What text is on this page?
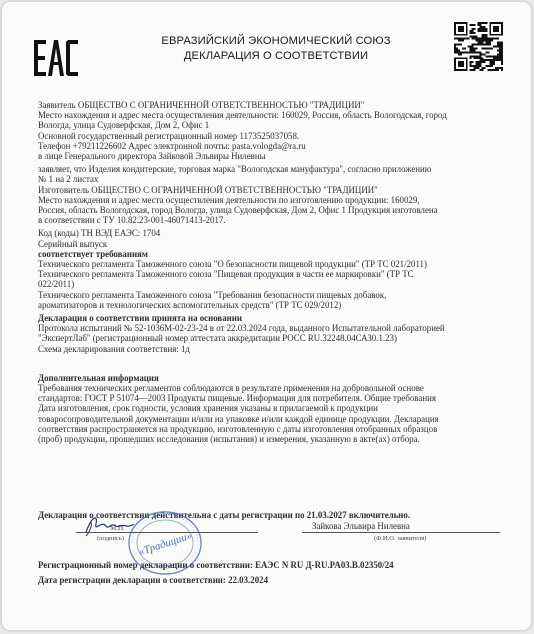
ЕВРАЗИЙСКИЙ ЭКОНОМИЧЕСКИЙ СОЮЗ
ДЕКЛАРАЦИЯ О СООТВЕТСТВИИ
Заявитель ОБЩЕСТВО С ОГРАНИЧЕННОЙ ОТВЕТСТВЕННОСТЬЮ "ТРАДИЦИИ"
Место нахождения и адрес места осуществления деятельности: 160029, Россия, область Вологодская, город
Вологда, улица Судоверфская, Дом 2, Офис 1
Основной государственный регистрационный номер 1173525037058.
Телефон +79211226602 Адрес электронной почты: pasta.vologda@ra.ru
в лице Генерального директора Зайковой Эльвиры Нилевны
заявляет, что Изделия кондитерские, торговая марка "Вологодская мануфактура", согласно приложению
№ 1 на 2 листах
Изготовитель ОБЩЕСТВО С ОГРАНИЧЕННОЙ ОТВЕТСТВЕННОСТЬЮ "ТРАДИЦИИ"
Место нахождения и адрес места осуществления деятельности по изготовлению продукции: 160029,
Россия, область Вологодская, город Вологда, улица Судоверфская, Дом 2, Офис 1 Продукция изготовлена
в соответствии с ТУ 10.82.23-001-46071413-2017.
Код (коды) ТН ВЭД ЕАЭС: 1704
Серийный выпуск
соответствует требованиям
Технического регламента Таможенного союза "О безопасности пищевой продукции" (ТР ТС 021/2011)
Технического регламента Таможенного союза "Пищевая продукция в части ее маркировки" (ТР ТС
022/2011)
Технического регламента Таможенного союза "Требования безопасности пищевых добавок,
ароматизаторов и технологических вспомогательных средств" (ТР ТС 029/2012)
Декларация о соответствии принята на основании
Протокола испытаний № 52-1036М-02-23-24 в от 22.03.2024 года, выданного Испытательной лабораторией
"ЭкспертЛаб" (регистрационный номер аттестата аккредитации РОСС RU.32248.04САЗ0.1.23)
Схема декларирования соответствия: 1д
Дополнительная информация
Требования технических регламентов соблюдаются в результате применения на добровольной основе
стандартов: ГОСТ Р 51074—2003 Продукты пищевые. Информация для потребителя. Общие требования
Дата изготовления, срок годности, условия хранения указаны в прилагаемой к продукции
товаросопроводительной документации и/или на упаковке и/или каждой единице продукции. Декларация
соответствия распространяется на продукцию, изготовленную с даты изготовления отобранных образцов
(проб) продукции, прошедших исследования (испытания) и измерения, указанную в акте(ах) отбора.
Декларация о соответствии действительна с даты регистрации по 21.03.2027 включительно.
«Традиции»
(подпись)
М.П.	Зайкова Эльвира Нилевна
(Ф.И.О. заявителя)
Регистрационный номер декларации о соответствии: ЕАЭС N RU Д-RU.PA03.В.02350/24
Дата регистрации декларации о соответствии: 22.03.2024
